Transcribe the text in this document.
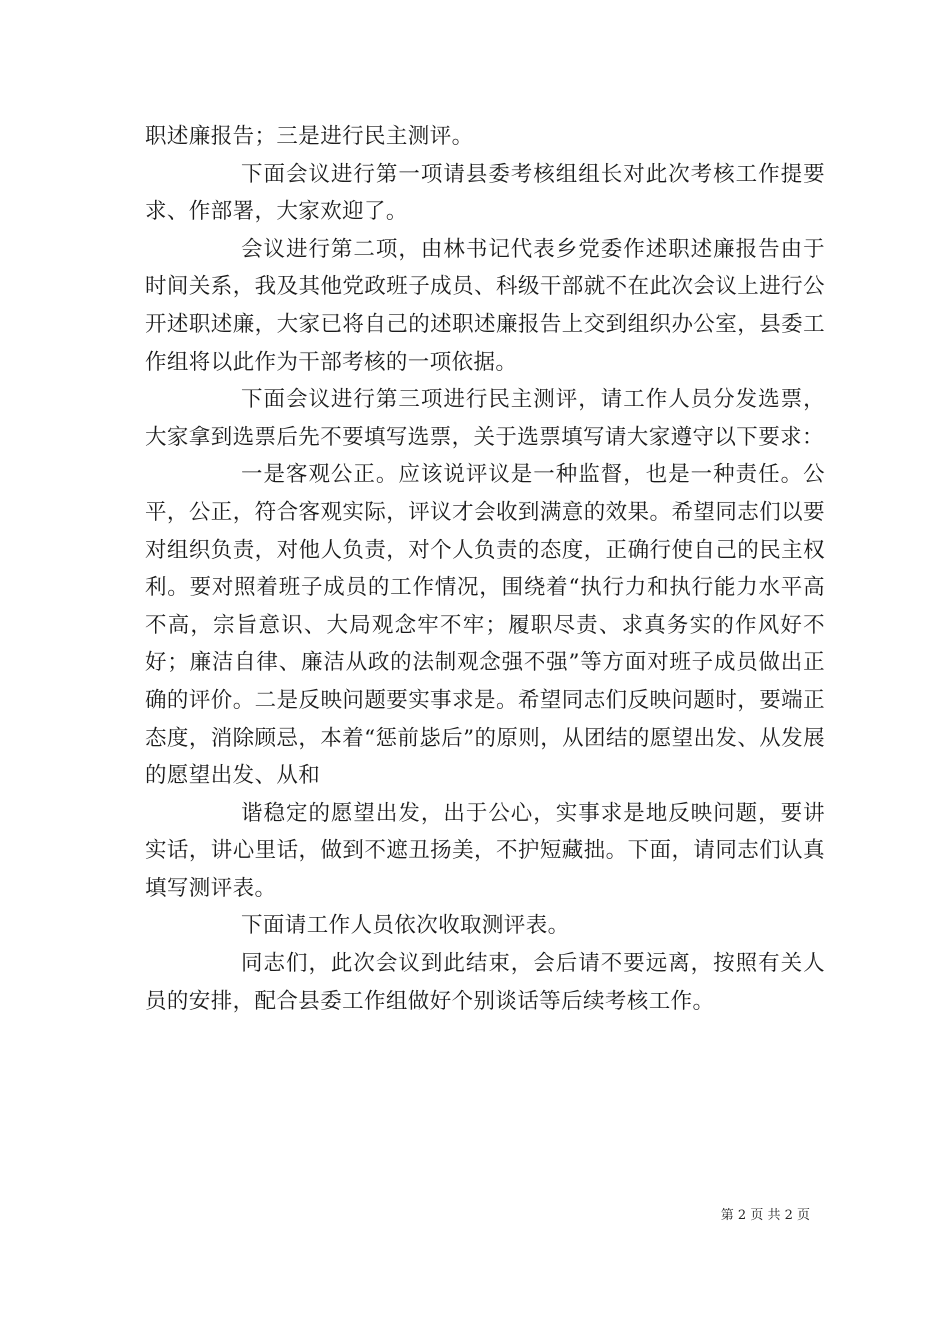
职述廉报告；三是进行民主测评。

下面会议进行第一项请县委考核组组长对此次考核工作提要求、作部署，大家欢迎了。

会议进行第二项，由林书记代表乡党委作述职述廉报告由于时间关系，我及其他党政班子成员、科级干部就不在此次会议上进行公开述职述廉，大家已将自己的述职述廉报告上交到组织办公室，县委工作组将以此作为干部考核的一项依据。

下面会议进行第三项进行民主测评，请工作人员分发选票，大家拿到选票后先不要填写选票，关于选票填写请大家遵守以下要求：

一是客观公正。应该说评议是一种监督，也是一种责任。公平，公正，符合客观实际，评议才会收到满意的效果。希望同志们以要对组织负责，对他人负责，对个人负责的态度，正确行使自己的民主权利。要对照着班子成员的工作情况，围绕着“执行力和执行能力水平高不高，宗旨意识、大局观念牢不牢；履职尽责、求真务实的作风好不好；廉洁自律、廉洁从政的法制观念强不强”等方面对班子成员做出正确的评价。二是反映问题要实事求是。希望同志们反映问题时，要端正态度，消除顾忌，本着“惩前毖后”的原则，从团结的愿望出发、从发展的愿望出发、从和

谐稳定的愿望出发，出于公心，实事求是地反映问题，要讲实话，讲心里话，做到不遮丑扬美，不护短藏拙。下面，请同志们认真填写测评表。

下面请工作人员依次收取测评表。

同志们，此次会议到此结束，会后请不要远离，按照有关人员的安排，配合县委工作组做好个别谈话等后续考核工作。

第 2 页 共 2 页
